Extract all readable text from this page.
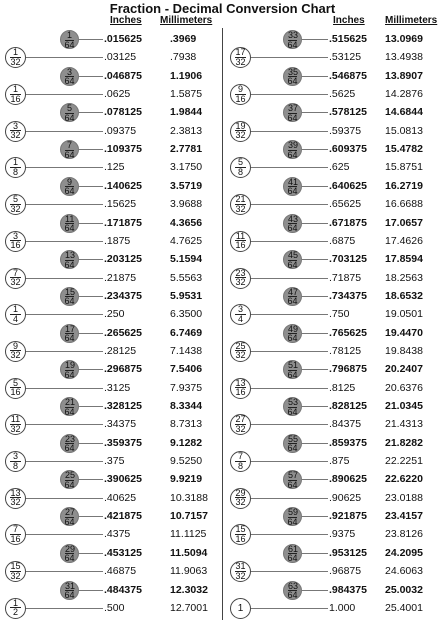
Fraction - Decimal Conversion Chart
Inches Millimeters	Inches Millimeters
$\frac{1}{64} .015625$	.3969
$\frac{1}{32}$	.03125	.7938
$\frac{3}{64} .046875$	1.1906
$\frac{1}{16}$	.0625	1.5875
$\frac{5}{64} .078125$	1.9844
$\frac{3}{32}$	.09375	2.3813
$\frac{7}{64} .109375$	2.7781
$\frac{1}{8}$	.125	3.1750
$\frac{9}{64} .140625$	3.5719
$\frac{5}{32}$	.15625	3.9688
$\frac{11}{64} .171875$	4.3656
$\frac{3}{16}$	.1875	4.7625
$\frac{13}{64} .203125$	5.1594
$\frac{7}{32}$	.21875	5.5563
$\frac{15}{64} .234375$	5.9531
$\frac{1}{4}$	.250	6.3500
$\frac{17}{64} .265625$	6.7469
$\frac{9}{32}$	.28125	7.1438
$\frac{19}{64} .296875$	7.5406
$\frac{5}{16}$	.3125	7.9375
$\frac{21}{64} .328125$	8.3344
$\frac{11}{32}$	.34375	8.7313
$\frac{23}{64} .359375$	9.1282
$\frac{3}{8}$	.375	9.5250
$\frac{25}{64} .390625$	9.9219
$\frac{13}{32}$	.40625	10.3188
$\frac{27}{64} .421875$	10.7157
$\frac{7}{16}$	.4375	11.1125
$\frac{29}{64} .453125$	11.5094
$\frac{15}{32}$	.46875	11.9063
$\frac{31}{64} .484375$	12.3032
$\frac{1}{2}$	.500	12.7001
$\frac{33}{64}$	.515625 13.0969
$\frac{17}{32}$	.53125 13.4938
$\frac{35}{64}$	.546875 13.8907
$\frac{9}{16}$	.5625	14.2876
$\frac{37}{64}$	.578125 14.6844
$\frac{19}{32}$	.59375 15.0813
$\frac{39}{64}$	.609375 15.4782
$\frac{5}{8}$	.625	15.8751
$\frac{41}{64}$	.640625 16.2719
$\frac{21}{32}$	.65625 16.6688
$\frac{43}{64}$	.671875 17.0657
$\frac{11}{16}$	.6875	17.4626
$\frac{45}{64}$	.703125 17.8594
$\frac{23}{32}$	.71875 18.2563
$\frac{47}{64}$	.734375 18.6532
$\frac{3}{4}$	.750	19.0501
$\frac{49}{64}$	.765625 19.4470
$\frac{25}{32}$	.78125 19.8438
$\frac{51}{64}$	.796875 20.2407
$\frac{13}{16}$	.8125	20.6376
$\frac{53}{64}$	.828125 21.0345
$\frac{27}{32}$	.84375 21.4313
$\frac{55}{64}$	.859375 21.8282
$\frac{7}{8}$	.875	22.2251
$\frac{57}{64}$	.890625 22.6220
$\frac{29}{32}$	.90625 23.0188
$\frac{59}{64}$	.921875 23.4157
$\frac{15}{16}$	.9375	23.8126
$\frac{61}{64}$	.953125 24.2095
$\frac{31}{32}$	.96875 24.6063
$\frac{63}{64}$	.984375 25.0032
1	1.000	25.4001
